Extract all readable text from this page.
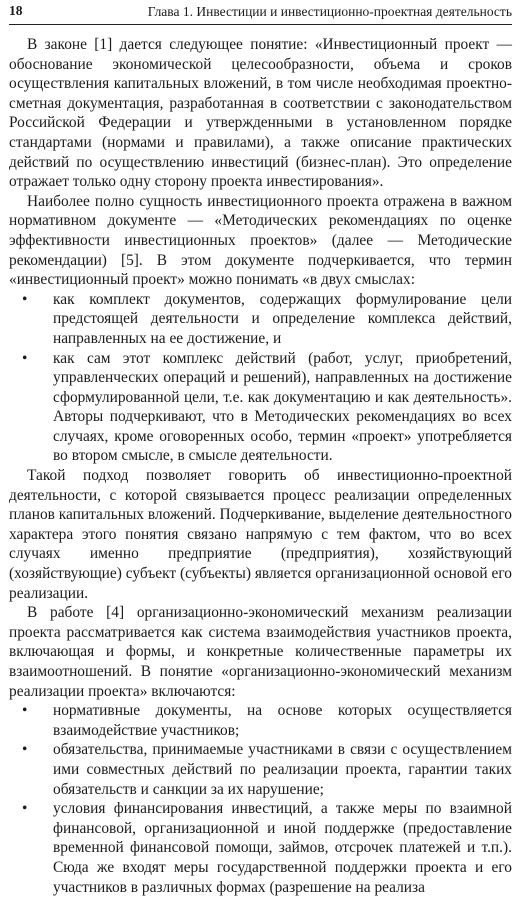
18	Глава 1. Инвестиции и инвестиционно-проектная деятельность

В законе [1] дается следующее понятие: «Инвестиционный проект — обоснование экономической целесообразности, объема и сроков осуществления капитальных вложений, в том числе необходимая проектно-сметная документация, разработанная в соответствии с законодательством Российской Федерации и утвержденными в установленном порядке стандартами (нормами и правилами), а также описание практических действий по осуществлению инвестиций (бизнес-план). Это определение отражает только одну сторону проекта инвестирования».

Наиболее полно сущность инвестиционного проекта отражена в важном нормативном документе — «Методических рекомендациях по оценке эффективности инвестиционных проектов» (далее — Методические рекомендации) [5]. В этом документе подчеркивается, что термин «инвестиционный проект» можно понимать «в двух смыслах:

• как комплект документов, содержащих формулирование цели предстоящей деятельности и определение комплекса действий, направленных на ее достижение, и
• как сам этот комплекс действий (работ, услуг, приобретений, управленческих операций и решений), направленных на достижение сформулированной цели, т.е. как документацию и как деятельность». Авторы подчеркивают, что в Методических рекомендациях во всех случаях, кроме оговоренных особо, термин «проект» употребляется во втором смысле, в смысле деятельности.

Такой подход позволяет говорить об инвестиционно-проектной деятельности, с которой связывается процесс реализации определенных планов капитальных вложений. Подчеркивание, выделение деятельностного характера этого понятия связано напрямую с тем фактом, что во всех случаях именно предприятие (предприятия), хозяйствующий (хозяйствующие) субъект (субъекты) является организационной основой его реализации.

В работе [4] организационно-экономический механизм реализации проекта рассматривается как система взаимодействия участников проекта, включающая и формы, и конкретные количественные параметры их взаимоотношений. В понятие «организационно-экономический механизм реализации проекта» включаются:

• нормативные документы, на основе которых осуществляется взаимодействие участников;
• обязательства, принимаемые участниками в связи с осуществлением ими совместных действий по реализации проекта, гарантии таких обязательств и санкции за их нарушение;
• условия финансирования инвестиций, а также меры по взаимной финансовой, организационной и иной поддержке (предоставление временной финансовой помощи, займов, отсрочек платежей и т.п.). Сюда же входят меры государственной поддержки проекта и его участников в различных формах (разрешение на реализа
